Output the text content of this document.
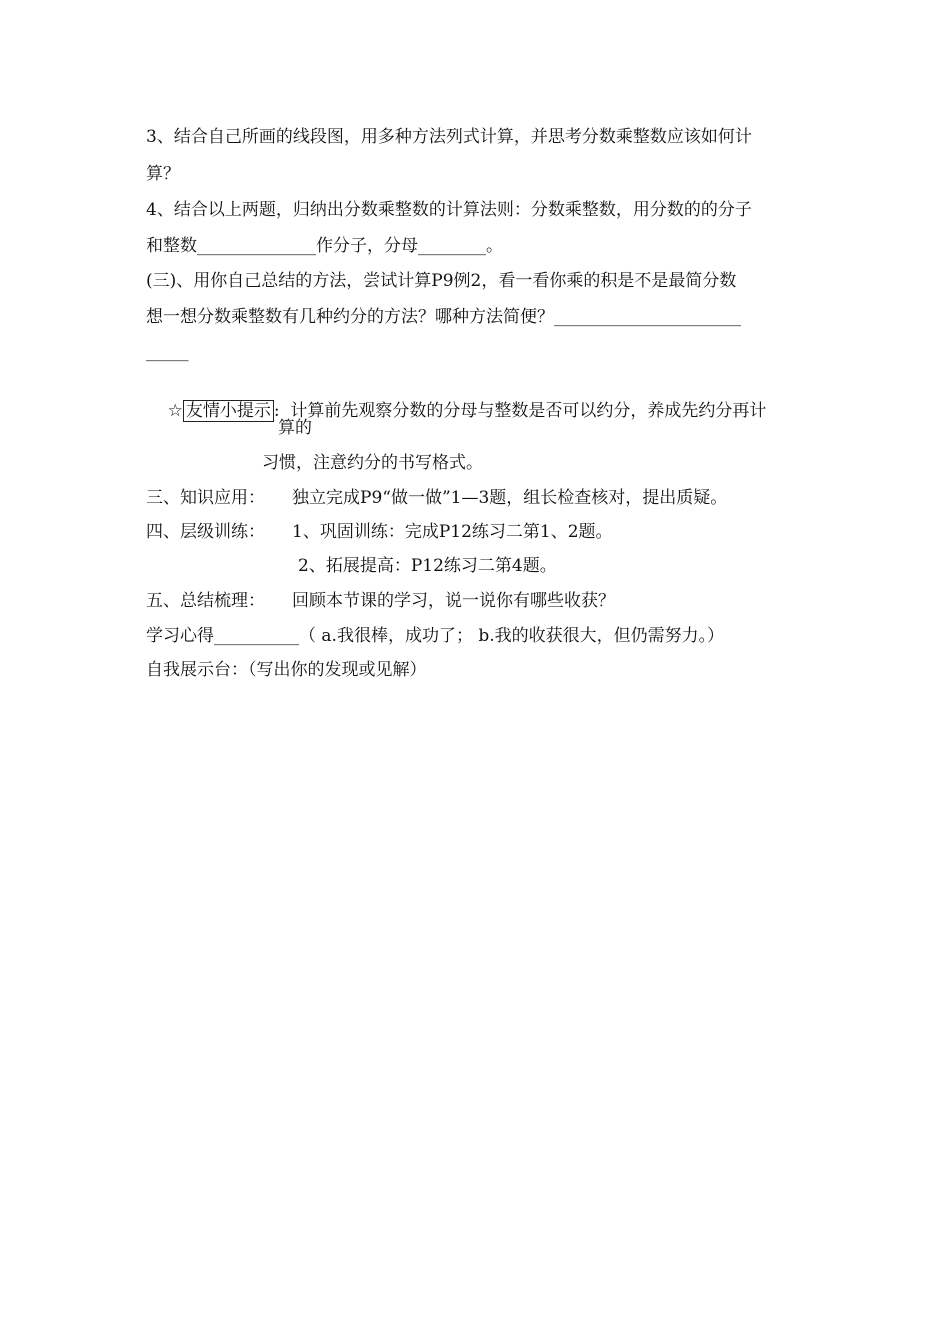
3、结合自己所画的线段图，用多种方法列式计算，并思考分数乘整数应该如何计
算？
4、结合以上两题，归纳出分数乘整数的计算法则：分数乘整数，用分数的的分子
和整数______________作分子，分母________。
(三)、用你自己总结的方法，尝试计算P9例2，看一看你乘的积是不是最简分数
想一想分数乘整数有几种约分的方法？哪种方法简便？______________________
_____

☆ 友情小提示 :  计算前先观察分数的分母与整数是否可以约分，养成先约分再计

算的
习惯，注意约分的书写格式。
三、知识应用：     独立完成P9“做一做”1—3题，组长检查核对，提出质疑。
四、层级训练：     1、巩固训练：完成P12练习二第1、2题。
2、拓展提高：P12练习二第4题。
五、总结梳理：     回顾本节课的学习，说一说你有哪些收获？
学习心得__________（ a.我很棒，成功了； b.我的收获很大，但仍需努力。）
自我展示台：（写出你的发现或见解）
